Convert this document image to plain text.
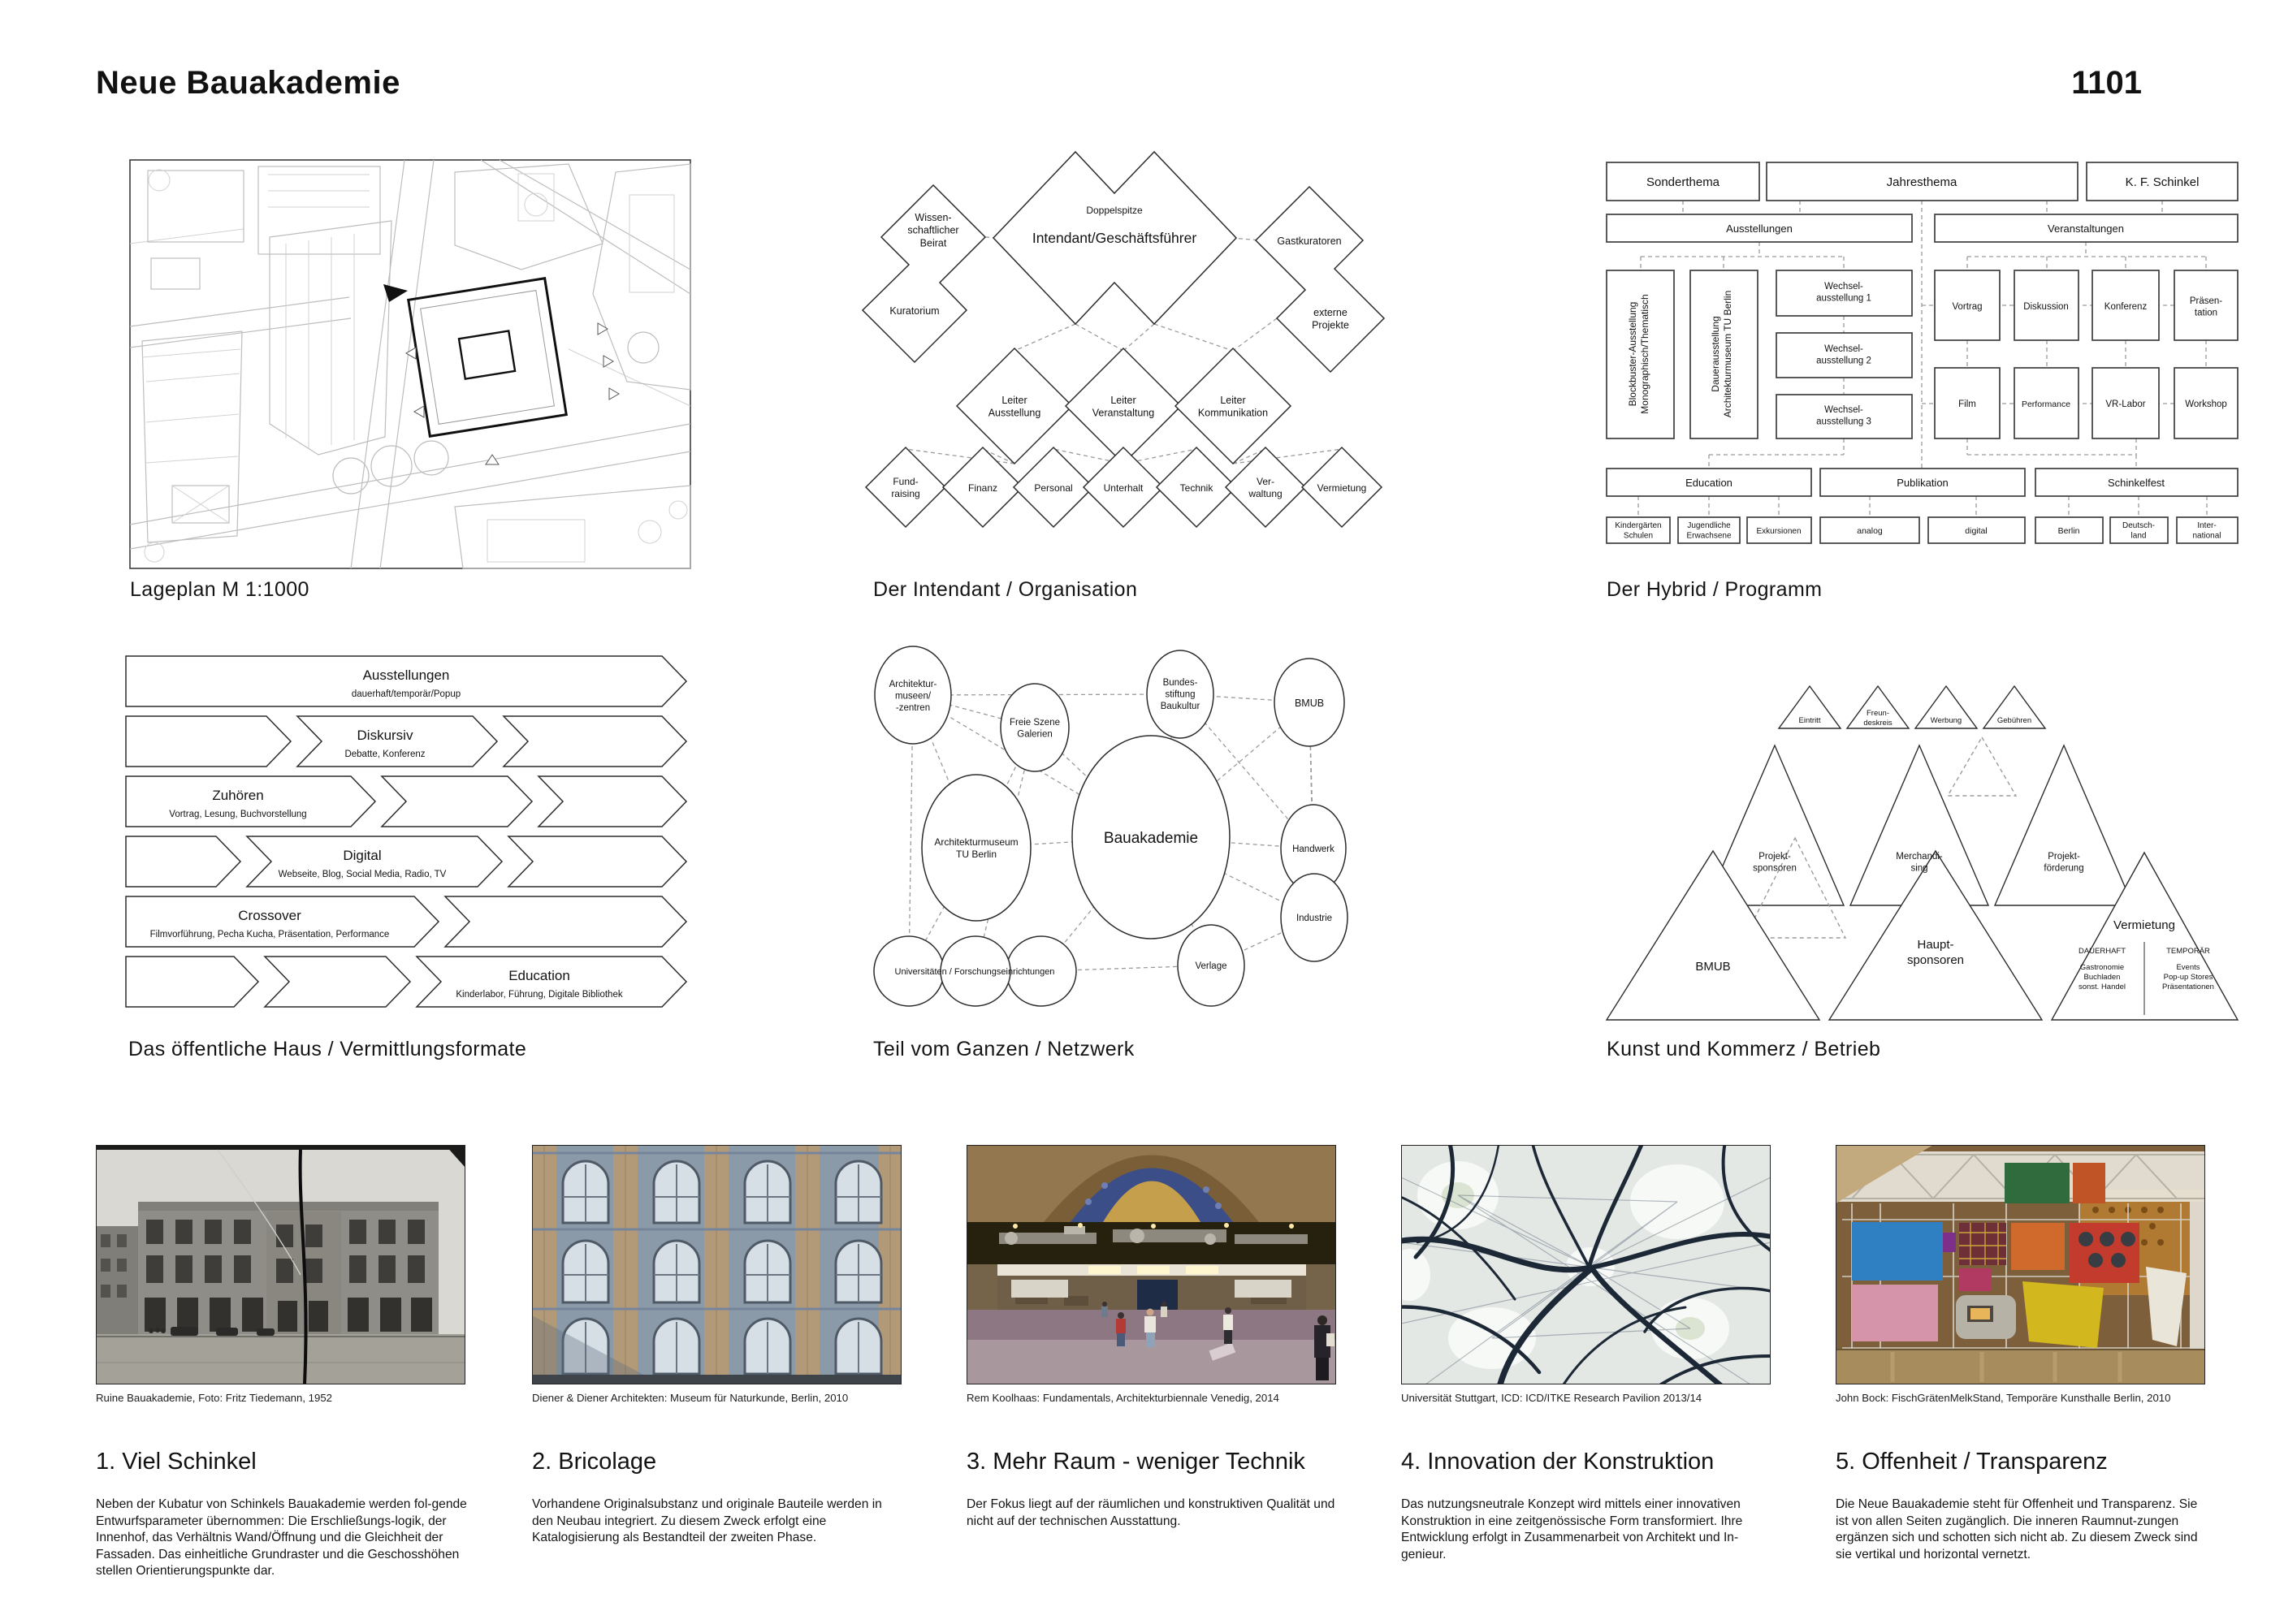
Neue Bauakademie	1101
Lageplan M 1:1000
Wissen-schaftlicher Beirat
Kuratorium
Doppelspitze
Intendant/Geschäftsführer	Gastkuratoren
externe Projekte
Leiter Ausstellung
Leiter Veranstaltung
Leiter Kommunikation
Fund-raising	Finanz	Personal	Unterhalt	Technik
Ver-waltung	Vermietung
Der Intendant / Organisation
Sonderthema	Jahresthema	K. F. Schinkel
Ausstellungen	Veranstaltungen
Blockbuster-AusstellungMonographisch/Thematisch	DauerausstellungArchitekturmuseum TU Berlin
Wechsel-ausstellung 1
Wechsel-ausstellung 2
Wechsel-ausstellung 3
Vortrag	Diskussion	Konferenz
Präsen-tation
Film	Performance	VR-Labor	Workshop
Education	Publikation	Schinkelfest
Kindergärten Schulen
Jugendliche Erwachsene	Exkursionen	analog	digital	Berlin
Deutsch-land
Inter-national
Der Hybrid / Programm
Ausstellungen
dauerhaft/temporär/Popup
Diskursiv
Debatte, Konferenz
Zuhören
Vortrag, Lesung, Buchvorstellung
Digital
Webseite, Blog, Social Media, Radio, TV
Crossover
Filmvorführung, Pecha Kucha, Präsentation, Performance
Education
Kinderlabor, Führung, Digitale Bibliothek
Das öffentliche Haus / Vermittlungsformate
Architektur-museen/ -zentren
Freie Szene Galerien
Bundes-stiftung Baukultur	BMUB
Architekturmuseum TU Berlin
Bauakademie
Handwerk
Industrie
Verlage
Universitäten / Forschungseinrichtungen
Teil vom Ganzen / Netzwerk
Eintritt
Freun-deskreis	Werbung	Gebühren
Projekt-sponsoren
Merchandi-sing
Projekt-förderung
BMUB
Haupt-sponsoren
Vermietung
DAUERHAFT	TEMPORÄR
Gastronomie Buchladen sonst. Handel
Events Pop-up Stores Präsentationen
Kunst und Kommerz / Betrieb
Ruine Bauakademie, Foto: Fritz Tiedemann, 1952	Diener & Diener Architekten: Museum für Naturkunde, Berlin, 2010	Rem Koolhaas: Fundamentals, Architekturbiennale Venedig, 2014	Universität Stuttgart, ICD: ICD/ITKE Research Pavilion 2013/14	John Bock: FischGrätenMelkStand, Temporäre Kunsthalle Berlin, 2010
1. Viel Schinkel	2. Bricolage	3. Mehr Raum - weniger Technik	4. Innovation der Konstruktion	5. Offenheit / Transparenz
Neben der Kubatur von Schinkels Bauakademie werden fol-gende Entwurfsparameter übernommen: Die Erschließungs-logik, der Innenhof, das Verhältnis Wand/Öffnung und die Gleichheit der Fassaden. Das einheitliche Grundraster und die Geschosshöhen stellen Orientierungspunkte dar.
Vorhandene Originalsubstanz und originale Bauteile werden in den Neubau integriert. Zu diesem Zweck erfolgt eine Katalogisierung als Bestandteil der zweiten Phase.
Der Fokus liegt auf der räumlichen und konstruktiven Qualität und nicht auf der technischen Ausstattung.
Das nutzungsneutrale Konzept wird mittels einer innovativen Konstruktion in eine zeitgenössische Form transformiert. Ihre Entwicklung erfolgt in Zusammenarbeit von Architekt und In-genieur.
Die Neue Bauakademie steht für Offenheit und Transparenz. Sie ist von allen Seiten zugänglich. Die inneren Raumnut-zungen ergänzen sich und schotten sich nicht ab. Zu diesem Zweck sind sie vertikal und horizontal vernetzt.
